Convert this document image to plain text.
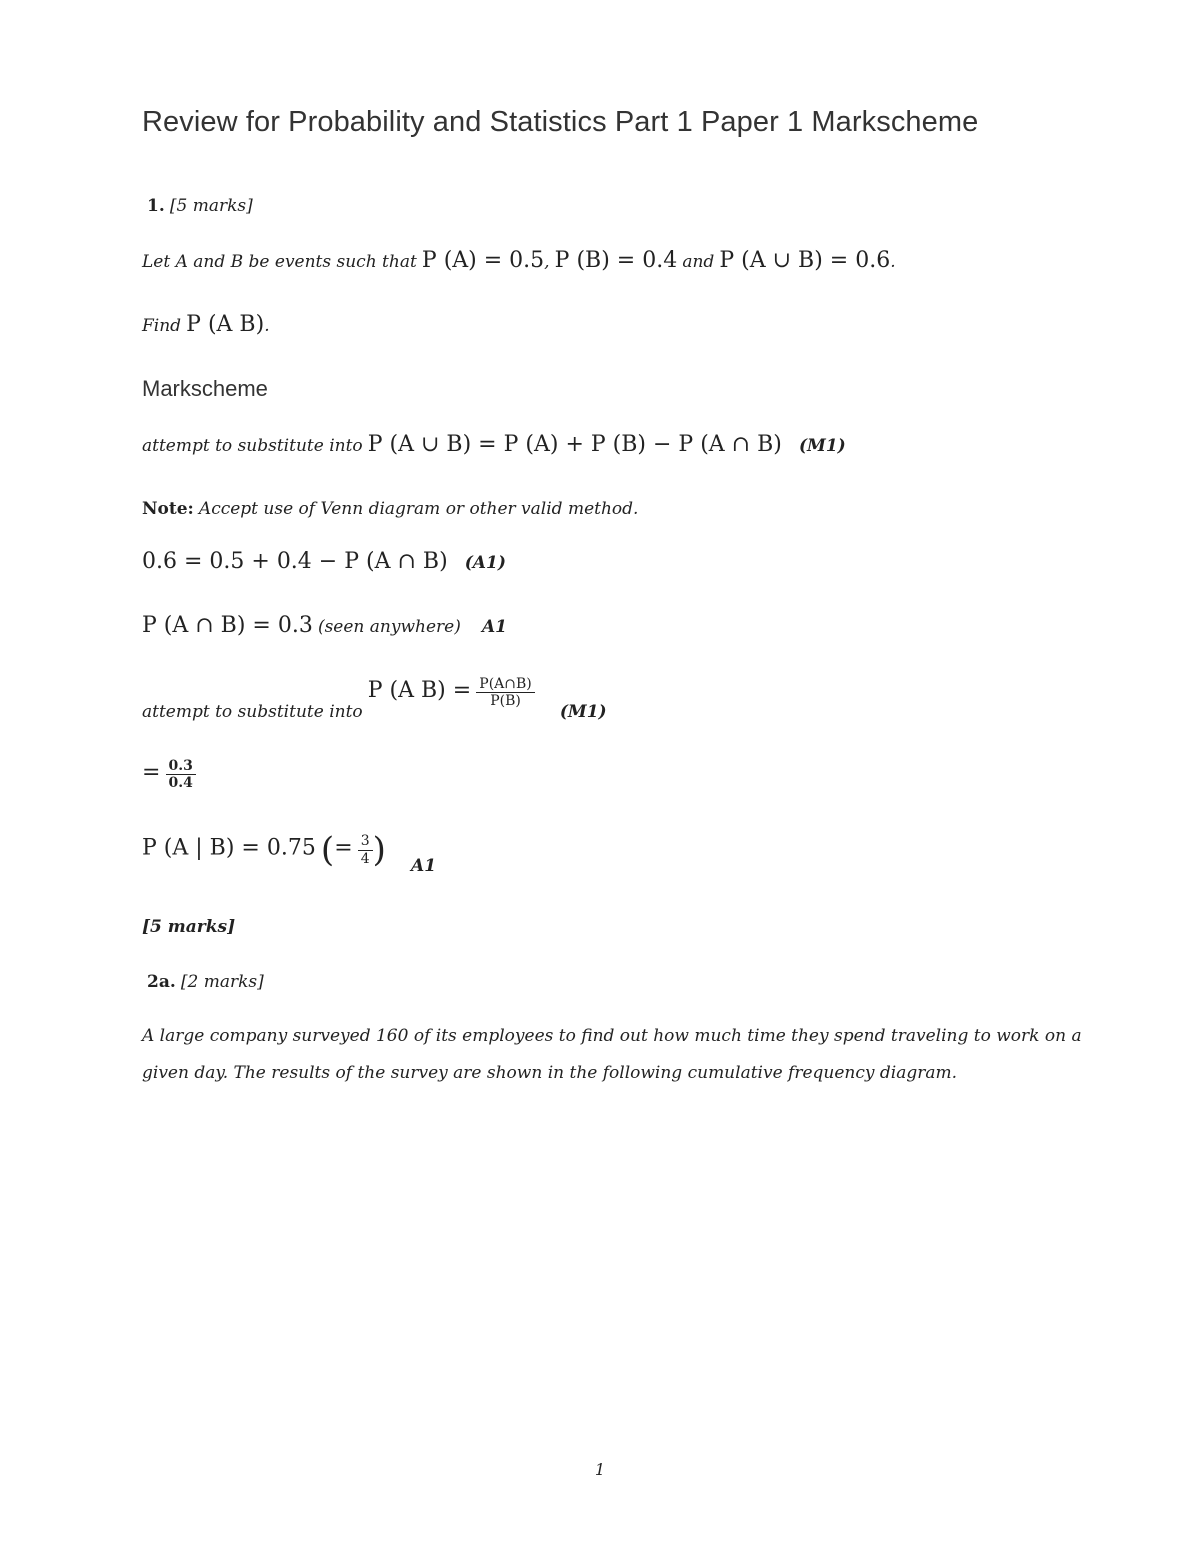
Review for Probability and Statistics Part 1 Paper 1 Markscheme
1. [5 marks]
Let A and B be events such that P (A) = 0.5, P (B) = 0.4 and P (A ∪ B) = 0.6.
Find P (A B).
Markscheme
attempt to substitute into P (A ∪ B) = P (A) + P (B) − P (A ∩ B) (M1)
Note: Accept use of Venn diagram or other valid method.
0.6 = 0.5 + 0.4 − P (A ∩ B) (A1)
P (A ∩ B) = 0.3 (seen anywhere) A1
attempt to substitute into P (A $B) = \frac{P(A\cap B)}{P(B)}$
(M1)
= $\frac{0.3}{0.4}$
P (A | B) = 0.75 (= $\frac{3}{4}$ ) A1
[5 marks]
2a. [2 marks]
A large company surveyed 160 of its employees to find out how much time they spend traveling to work on a given day. The results of the survey are shown in the following cumulative frequency diagram.
1
